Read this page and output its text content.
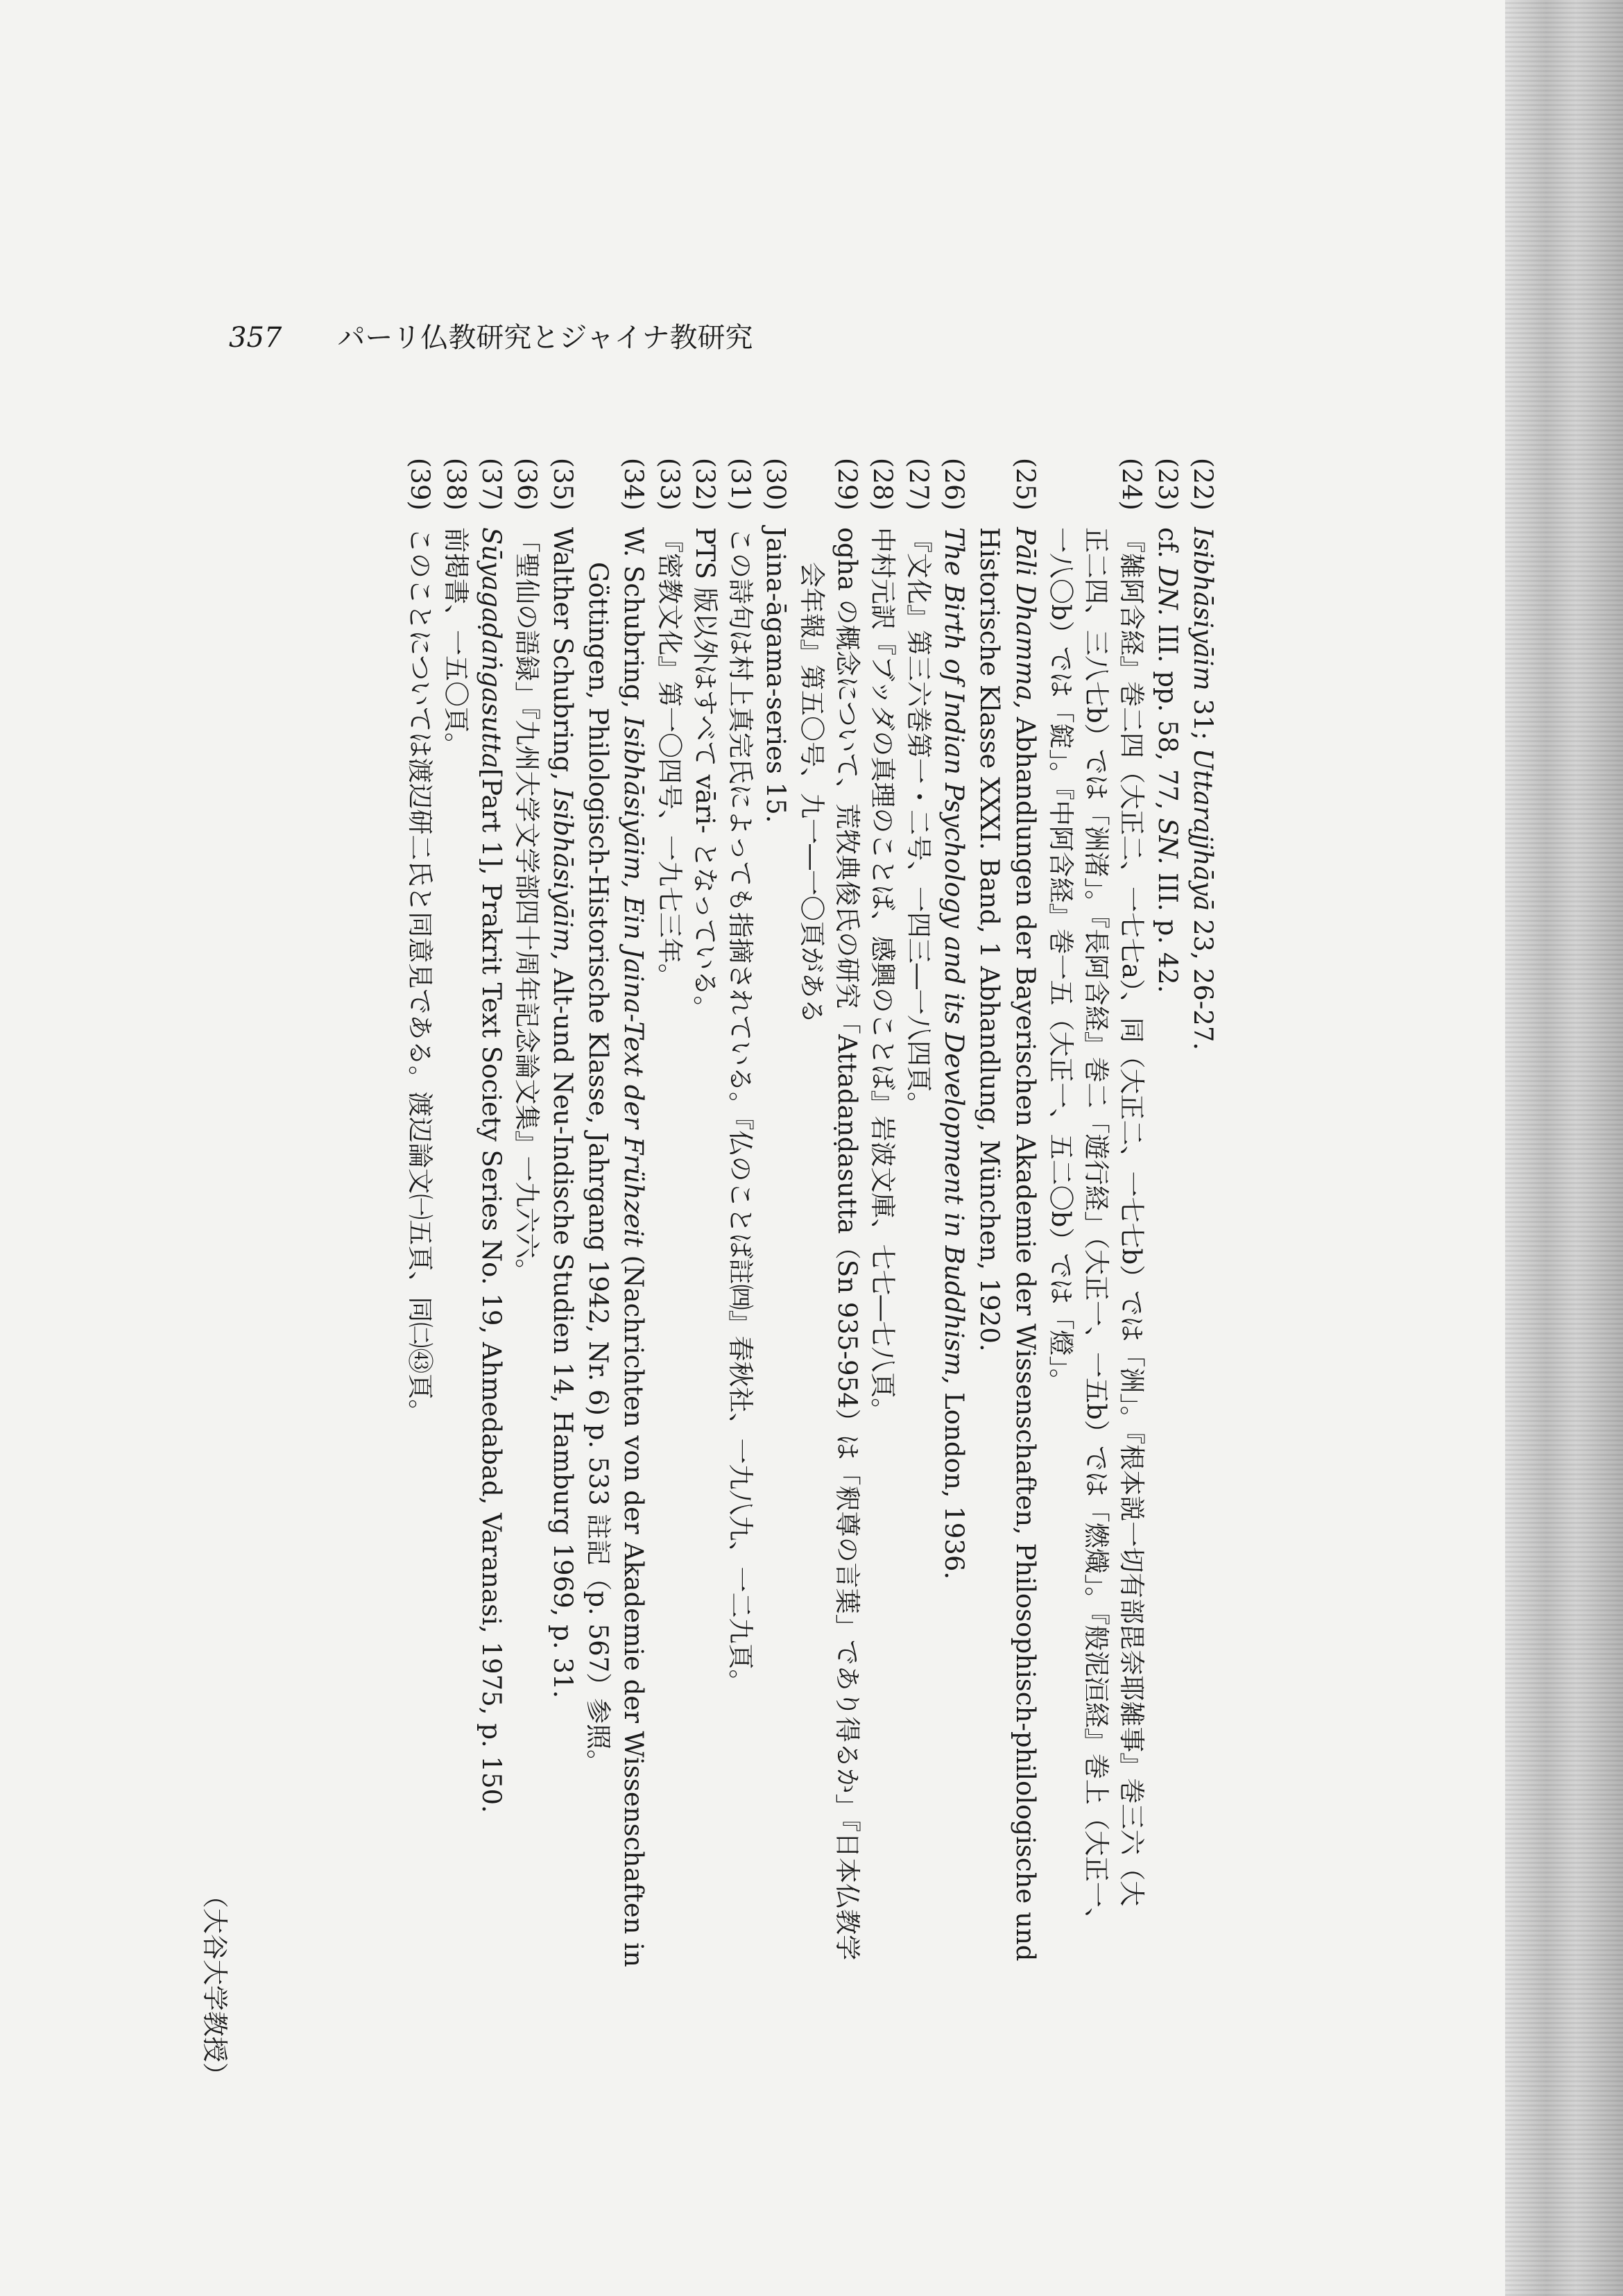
357 パーリ仏教研究とジャイナ教研究
(22)
Isibhāsiyāim 31; Uttarajjhāyā 23, 26-27.
(23)
cf. DN. III. pp. 58, 77, SN. III. p. 42.
(24)
『雑阿含経』巻二四（大正二、一七七a）、同（大正二、一七七b）では「洲」。『根本説一切有部毘奈耶雑事』巻三六（大
正二四、三八七b）では「洲渚」。『長阿含経』巻二「遊行経」（大正一、一五b）では「燃熾」。『般泥洹経』巻上（大正一、
一八〇b）では「錠」。『中阿含経』巻一五（大正一、五二〇b）では「燈」。
(25)
Pāli Dhamma, Abhandlungen der Bayerischen Akademie der Wissenschaften, Philosophisch-philologische und
Historische Klasse XXXI. Band, 1 Abhandlung, München, 1920.
(26)
The Birth of Indian Psychology and its Development in Buddhism, London, 1936.
(27)
『文化』第三六巻第一・二号、一四三―一八四頁。
(28)
中村元訳『ブッダの真理のことば、感興のことば』岩波文庫、七七―七八頁。
(29)
ogha の概念について、荒牧典俊氏の研究「Attadaṇḍasutta（Sn 935-954）は「釈尊の言葉」であり得るか」『日本仏教学
会年報』第五〇号、九一―一〇頁がある
(30)
Jaina-āgama-series 15.
(31)
この詩句は村上真完氏によっても指摘されている。『仏のことば註㈣』春秋社、一九八九、一二九頁。
(32)
PTS 版以外はすべて vāri- となっている。
(33)
『密教文化』第一〇四号、一九七三年。
(34)
W. Schubring, Isibhāsiyāim, Ein Jaina-Text der Frühzeit (Nachrichten von der Akademie der Wissenschaften in
Göttingen, Philologisch-Historische Klasse, Jahrgang 1942, Nr. 6) p. 533 註記（p. 567）参照。
(35)
Walther Schubring, Isibhāsiyāim, Alt-und Neu-Indische Studien 14, Hamburg 1969, p. 31.
(36)
「聖仙の語録」『九州大学文学部四十周年記念論文集』一九六六。
(37)
Sūyagaḍaṅgasutta[Part 1], Prakrit Text Society Series No. 19, Ahmedabad, Varanasi, 1975, p. 150.
(38)
前掲書、一五〇頁。
(39)
このことについては渡辺研二氏と同意見である。渡辺論文㈠五頁、同㈡㊸頁。
（大谷大学教授）
